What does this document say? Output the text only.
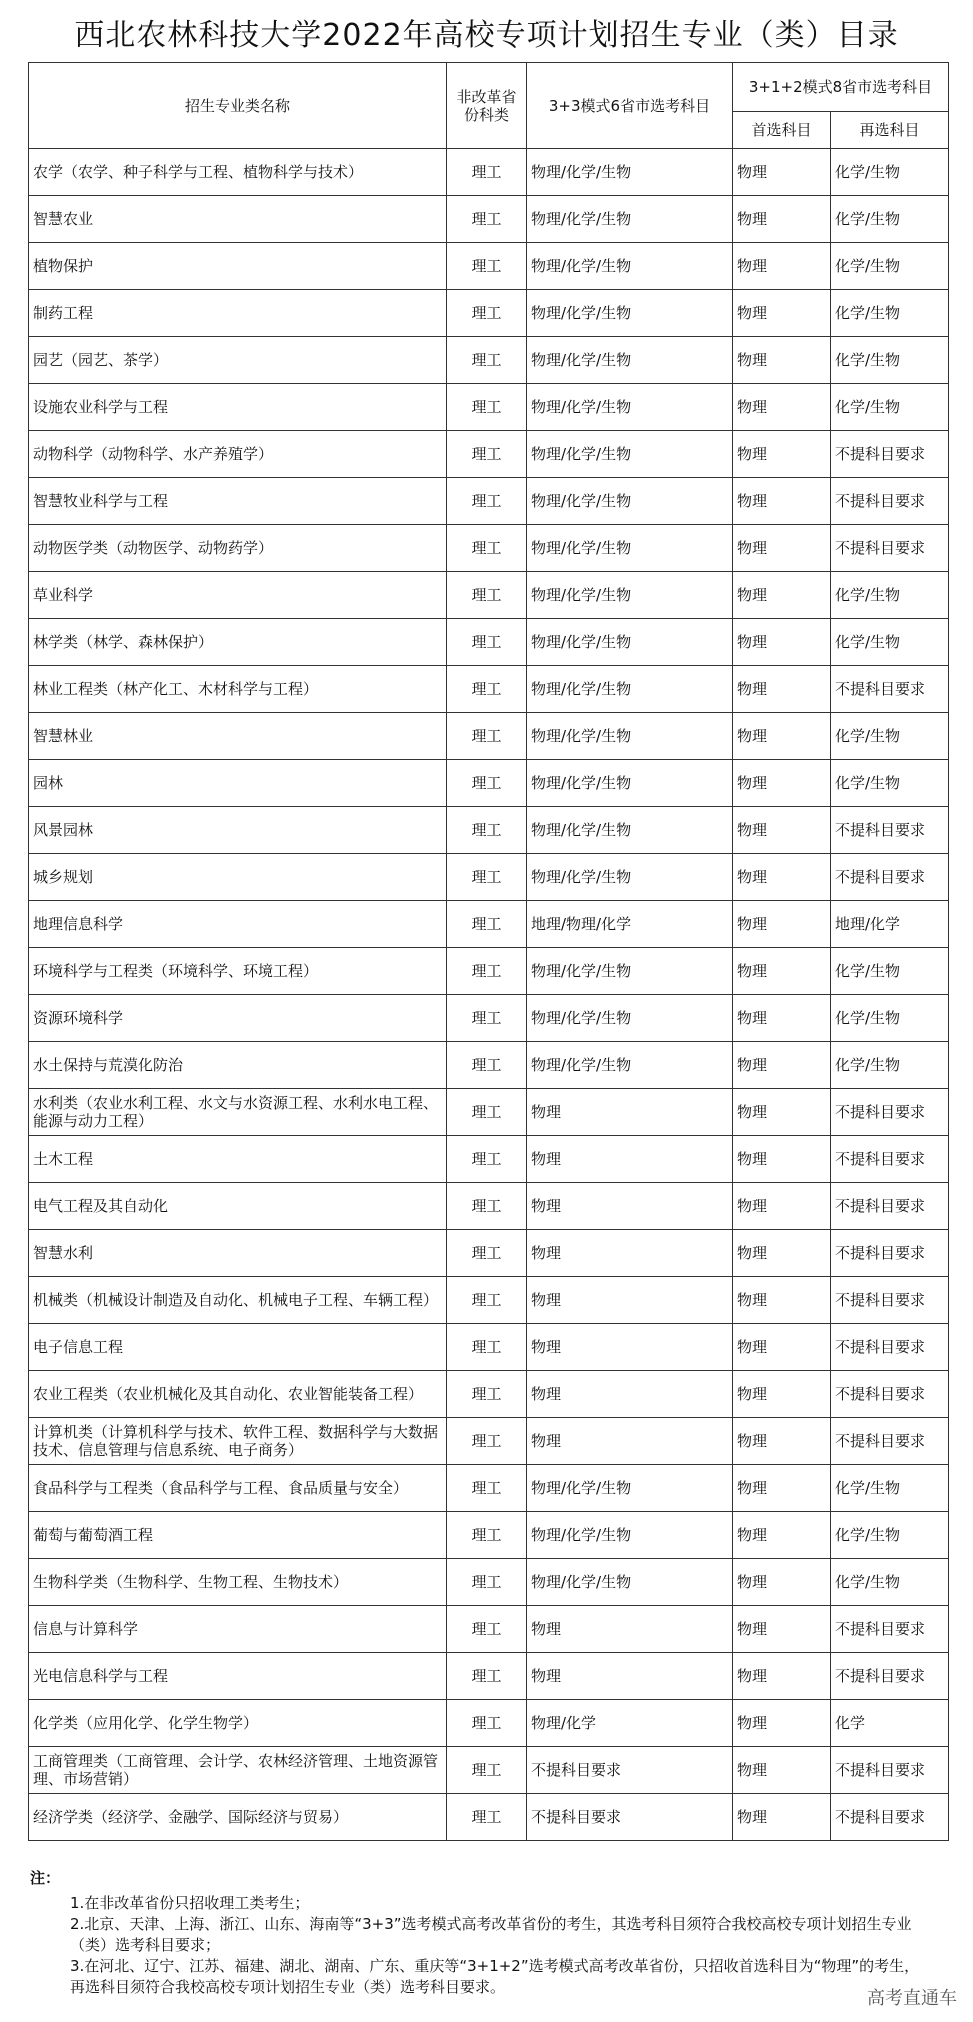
西北农林科技大学2022年高校专项计划招生专业（类）目录
招生专业类名称	非改革省份科类	3+3模式6省市选考科目	3+1+2模式8省市选考科目	
			首选科目	再选科目
农学（农学、种子科学与工程、植物科学与技术）	理工	物理/化学/生物	物理	化学/生物
智慧农业	理工	物理/化学/生物	物理	化学/生物
植物保护	理工	物理/化学/生物	物理	化学/生物
制药工程	理工	物理/化学/生物	物理	化学/生物
园艺（园艺、茶学）	理工	物理/化学/生物	物理	化学/生物
设施农业科学与工程	理工	物理/化学/生物	物理	化学/生物
动物科学（动物科学、水产养殖学）	理工	物理/化学/生物	物理	不提科目要求
智慧牧业科学与工程	理工	物理/化学/生物	物理	不提科目要求
动物医学类（动物医学、动物药学）	理工	物理/化学/生物	物理	不提科目要求
草业科学	理工	物理/化学/生物	物理	化学/生物
林学类（林学、森林保护）	理工	物理/化学/生物	物理	化学/生物
林业工程类（林产化工、木材科学与工程）	理工	物理/化学/生物	物理	不提科目要求
智慧林业	理工	物理/化学/生物	物理	化学/生物
园林	理工	物理/化学/生物	物理	化学/生物
风景园林	理工	物理/化学/生物	物理	不提科目要求
城乡规划	理工	物理/化学/生物	物理	不提科目要求
地理信息科学	理工	地理/物理/化学	物理	地理/化学
环境科学与工程类（环境科学、环境工程）	理工	物理/化学/生物	物理	化学/生物
资源环境科学	理工	物理/化学/生物	物理	化学/生物
水土保持与荒漠化防治	理工	物理/化学/生物	物理	化学/生物
水利类（农业水利工程、水文与水资源工程、水利水电工程、能源与动力工程）	理工	物理	物理	不提科目要求
土木工程	理工	物理	物理	不提科目要求
电气工程及其自动化	理工	物理	物理	不提科目要求
智慧水利	理工	物理	物理	不提科目要求
机械类（机械设计制造及自动化、机械电子工程、车辆工程）	理工	物理	物理	不提科目要求
电子信息工程	理工	物理	物理	不提科目要求
农业工程类（农业机械化及其自动化、农业智能装备工程）	理工	物理	物理	不提科目要求
计算机类（计算机科学与技术、软件工程、数据科学与大数据技术、信息管理与信息系统、电子商务）	理工	物理	物理	不提科目要求
食品科学与工程类（食品科学与工程、食品质量与安全）	理工	物理/化学/生物	物理	化学/生物
葡萄与葡萄酒工程	理工	物理/化学/生物	物理	化学/生物
生物科学类（生物科学、生物工程、生物技术）	理工	物理/化学/生物	物理	化学/生物
信息与计算科学	理工	物理	物理	不提科目要求
光电信息科学与工程	理工	物理	物理	不提科目要求
化学类（应用化学、化学生物学）	理工	物理/化学	物理	化学
工商管理类（工商管理、会计学、农林经济管理、土地资源管理、市场营销）	理工	不提科目要求	物理	不提科目要求
经济学类（经济学、金融学、国际经济与贸易）	理工	不提科目要求	物理	不提科目要求
注：
1.在非改革省份只招收理工类考生；
2.北京、天津、上海、浙江、山东、海南等“3+3”选考模式高考改革省份的考生，其选考科目须符合我校高校专项计划招生专业（类）选考科目要求；
3.在河北、辽宁、江苏、福建、湖北、湖南、广东、重庆等“3+1+2”选考模式高考改革省份，只招收首选科目为“物理”的考生，再选科目须符合我校高校专项计划招生专业（类）选考科目要求。
高考直通车
